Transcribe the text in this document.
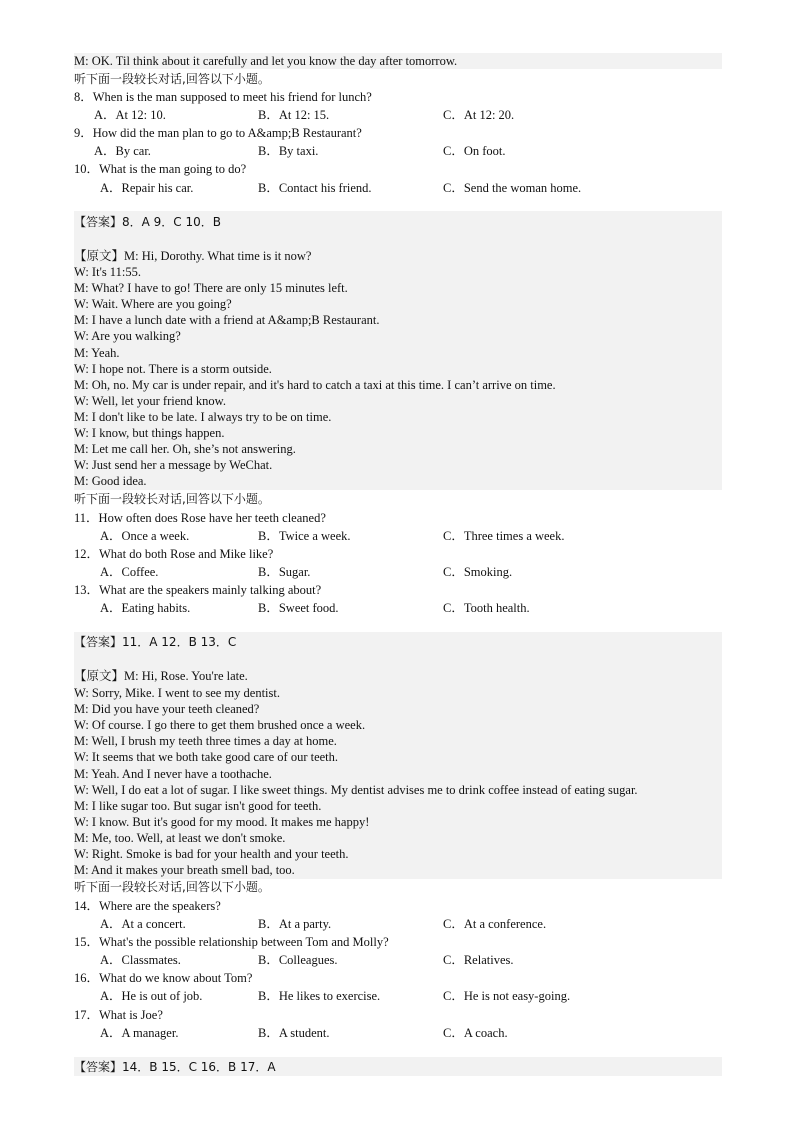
M: OK. Til think about it carefully and let you know the day after tomorrow.
听下面一段较长对话,回答以下小题。
8．When is the man supposed to meet his friend for lunch?
A．At 12: 10.	B．At 12: 15.	C．At 12: 20.
9．How did the man plan to go to A&amp;B Restaurant?
A．By car.	B．By taxi.	C．On foot.
10．What is the man going to do?
A．Repair his car.	B．Contact his friend.	C．Send the woman home.
【答案】8．A 9．C 10．B
【原文】M: Hi, Dorothy. What time is it now?
W: It's 11:55.
M: What? I have to go! There are only 15 minutes left.
W: Wait. Where are you going?
M: I have a lunch date with a friend at A&amp;B Restaurant.
W: Are you walking?
M: Yeah.
W: I hope not. There is a storm outside.
M: Oh, no. My car is under repair, and it's hard to catch a taxi at this time. I can’t arrive on time.
W: Well, let your friend know.
M: I don't like to be late. I always try to be on time.
W: I know, but things happen.
M: Let me call her. Oh, she’s not answering.
W: Just send her a message by WeChat.
M: Good idea.
听下面一段较长对话,回答以下小题。
11．How often does Rose have her teeth cleaned?
A．Once a week.	B．Twice a week.	C．Three times a week.
12．What do both Rose and Mike like?
A．Coffee.	B．Sugar.	C．Smoking.
13．What are the speakers mainly talking about?
A．Eating habits.	B．Sweet food.	C．Tooth health.
【答案】11．A 12．B 13．C
【原文】M: Hi, Rose. You're late.
W: Sorry, Mike. I went to see my dentist.
M: Did you have your teeth cleaned?
W: Of course. I go there to get them brushed once a week.
M: Well, I brush my teeth three times a day at home.
W: It seems that we both take good care of our teeth.
M: Yeah. And I never have a toothache.
W: Well, I do eat a lot of sugar. I like sweet things. My dentist advises me to drink coffee instead of eating sugar.
M: I like sugar too. But sugar isn't good for teeth.
W: I know. But it's good for my mood. It makes me happy!
M: Me, too. Well, at least we don't smoke.
W: Right. Smoke is bad for your health and your teeth.
M: And it makes your breath smell bad, too.
听下面一段较长对话,回答以下小题。
14．Where are the speakers?
A．At a concert.	B．At a party.	C．At a conference.
15．What's the possible relationship between Tom and Molly?
A．Classmates.	B．Colleagues.	C．Relatives.
16．What do we know about Tom?
A．He is out of job.	B．He likes to exercise.	C．He is not easy-going.
17．What is Joe?
A．A manager.	B．A student.	C．A coach.
【答案】14．B 15．C 16．B 17．A
